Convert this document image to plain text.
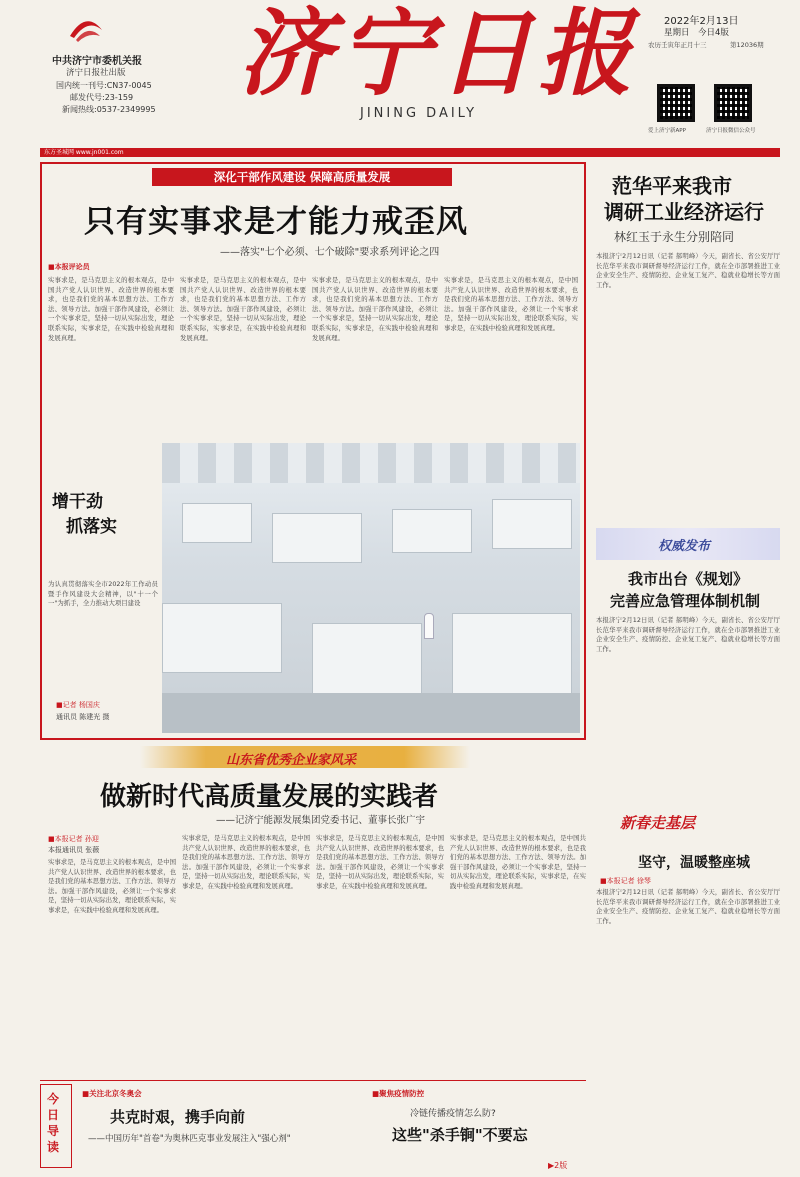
中共济宁市委机关报
济宁日报社出版
国内统一刊号:CN37-0045
邮发代号:23-159
新闻热线:0537-2349995
济宁日报
JINING DAILY
2022年2月13日
星期日　今日4版
农历壬寅年正月十三	第12036期
爱上济宁新APP	济宁日报微信公众号
东方圣城网 www.jn001.com
深化干部作风建设 保障高质量发展
只有实事求是才能力戒歪风
——落实"七个必须、七个破除"要求系列评论之四
■本报评论员
实事求是，是马克思主义的根本观点，是中国共产党人认识世界、改造世界的根本要求，也是我们党的基本思想方法、工作方法、领导方法。加强干部作风建设，必须让一个实事求是，坚持一切从实际出发，理论联系实际，实事求是，在实践中检验真理和发展真理。
实事求是，是马克思主义的根本观点，是中国共产党人认识世界、改造世界的根本要求，也是我们党的基本思想方法、工作方法、领导方法。加强干部作风建设，必须让一个实事求是，坚持一切从实际出发，理论联系实际，实事求是，在实践中检验真理和发展真理。
实事求是，是马克思主义的根本观点，是中国共产党人认识世界、改造世界的根本要求，也是我们党的基本思想方法、工作方法、领导方法。加强干部作风建设，必须让一个实事求是，坚持一切从实际出发，理论联系实际，实事求是，在实践中检验真理和发展真理。
实事求是，是马克思主义的根本观点，是中国共产党人认识世界、改造世界的根本要求，也是我们党的基本思想方法、工作方法、领导方法。加强干部作风建设，必须让一个实事求是，坚持一切从实际出发，理论联系实际，实事求是，在实践中检验真理和发展真理。
增干劲
抓落实
为认真贯彻落实全市2022年工作动员暨手作风建设大会精神，以"十一个一"为抓手，全力推动大项目建设
■记者 杨国庆
通讯员 陈建光 摄
范华平来我市
调研工业经济运行
林红玉于永生分别陪同
本报济宁2月12日讯（记者 郝明峰）今天，副省长、省公安厅厅长范华平来我市调研督导经济运行工作，就在全市部署推进工业企业安全生产、疫情防控、企业复工复产、稳就业稳增长等方面工作。
权威发布
我市出台《规划》
完善应急管理体制机制
本报济宁2月12日讯（记者 郝明峰）今天，副省长、省公安厅厅长范华平来我市调研督导经济运行工作，就在全市部署推进工业企业安全生产、疫情防控、企业复工复产、稳就业稳增长等方面工作。
新春走基层
坚守，温暖整座城
■本报记者 徐琴
本报济宁2月12日讯（记者 郝明峰）今天，副省长、省公安厅厅长范华平来我市调研督导经济运行工作，就在全市部署推进工业企业安全生产、疫情防控、企业复工复产、稳就业稳增长等方面工作。
山东省优秀企业家风采
做新时代高质量发展的实践者
——记济宁能源发展集团党委书记、董事长张广宇
■本报记者 孙迎
本报通讯员 张薇
实事求是，是马克思主义的根本观点，是中国共产党人认识世界、改造世界的根本要求，也是我们党的基本思想方法、工作方法、领导方法。加强干部作风建设，必须让一个实事求是，坚持一切从实际出发，理论联系实际，实事求是，在实践中检验真理和发展真理。
实事求是，是马克思主义的根本观点，是中国共产党人认识世界、改造世界的根本要求，也是我们党的基本思想方法、工作方法、领导方法。加强干部作风建设，必须让一个实事求是，坚持一切从实际出发，理论联系实际，实事求是，在实践中检验真理和发展真理。
实事求是，是马克思主义的根本观点，是中国共产党人认识世界、改造世界的根本要求，也是我们党的基本思想方法、工作方法、领导方法。加强干部作风建设，必须让一个实事求是，坚持一切从实际出发，理论联系实际，实事求是，在实践中检验真理和发展真理。
实事求是，是马克思主义的根本观点，是中国共产党人认识世界、改造世界的根本要求，也是我们党的基本思想方法、工作方法、领导方法。加强干部作风建设，必须让一个实事求是，坚持一切从实际出发，理论联系实际，实事求是，在实践中检验真理和发展真理。
今日导读
■关注北京冬奥会
共克时艰，携手向前
——中国历年"首卷"为奥林匹克事业发展注入"强心剂"
■聚焦疫情防控
冷链传播疫情怎么防?
这些"杀手锏"不要忘
▶2版
